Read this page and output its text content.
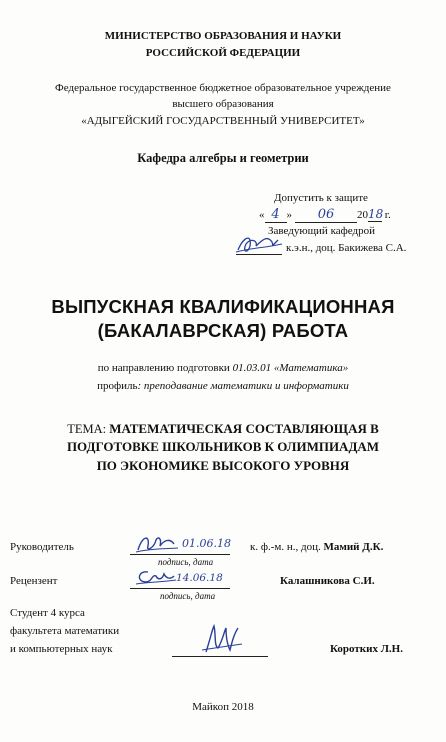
МИНИСТЕРСТВО ОБРАЗОВАНИЯ И НАУКИ
РОССИЙСКОЙ ФЕДЕРАЦИИ
Федеральное государственное бюджетное образовательное учреждение
высшего образования
«АДЫГЕЙСКИЙ ГОСУДАРСТВЕННЫЙ УНИВЕРСИТЕТ»
Кафедра алгебры и геометрии
Допустить к защите
« 4 » 06 2018 г.
Заведующий кафедрой
к.э.н., доц. Бакижева С.А.
ВЫПУСКНАЯ КВАЛИФИКАЦИОННАЯ
(БАКАЛАВРСКАЯ) РАБОТА
по направлению подготовки 01.03.01 «Математика»
профиль: преподавание математики и информатики
ТЕМА: МАТЕМАТИЧЕСКАЯ СОСТАВЛЯЮЩАЯ В
ПОДГОТОВКЕ ШКОЛЬНИКОВ К ОЛИМПИАДАМ
ПО ЭКОНОМИКЕ ВЫСОКОГО УРОВНЯ
Руководитель	01.06.18 к. ф.-м. н., доц. Мамий Д.К.
подпись, дата
Рецензент	14.06.18	Калашникова С.И.
подпись, дата
Студент 4 курса
факультета математики
и компьютерных наук	Коротких Л.Н.
Майкоп 2018
